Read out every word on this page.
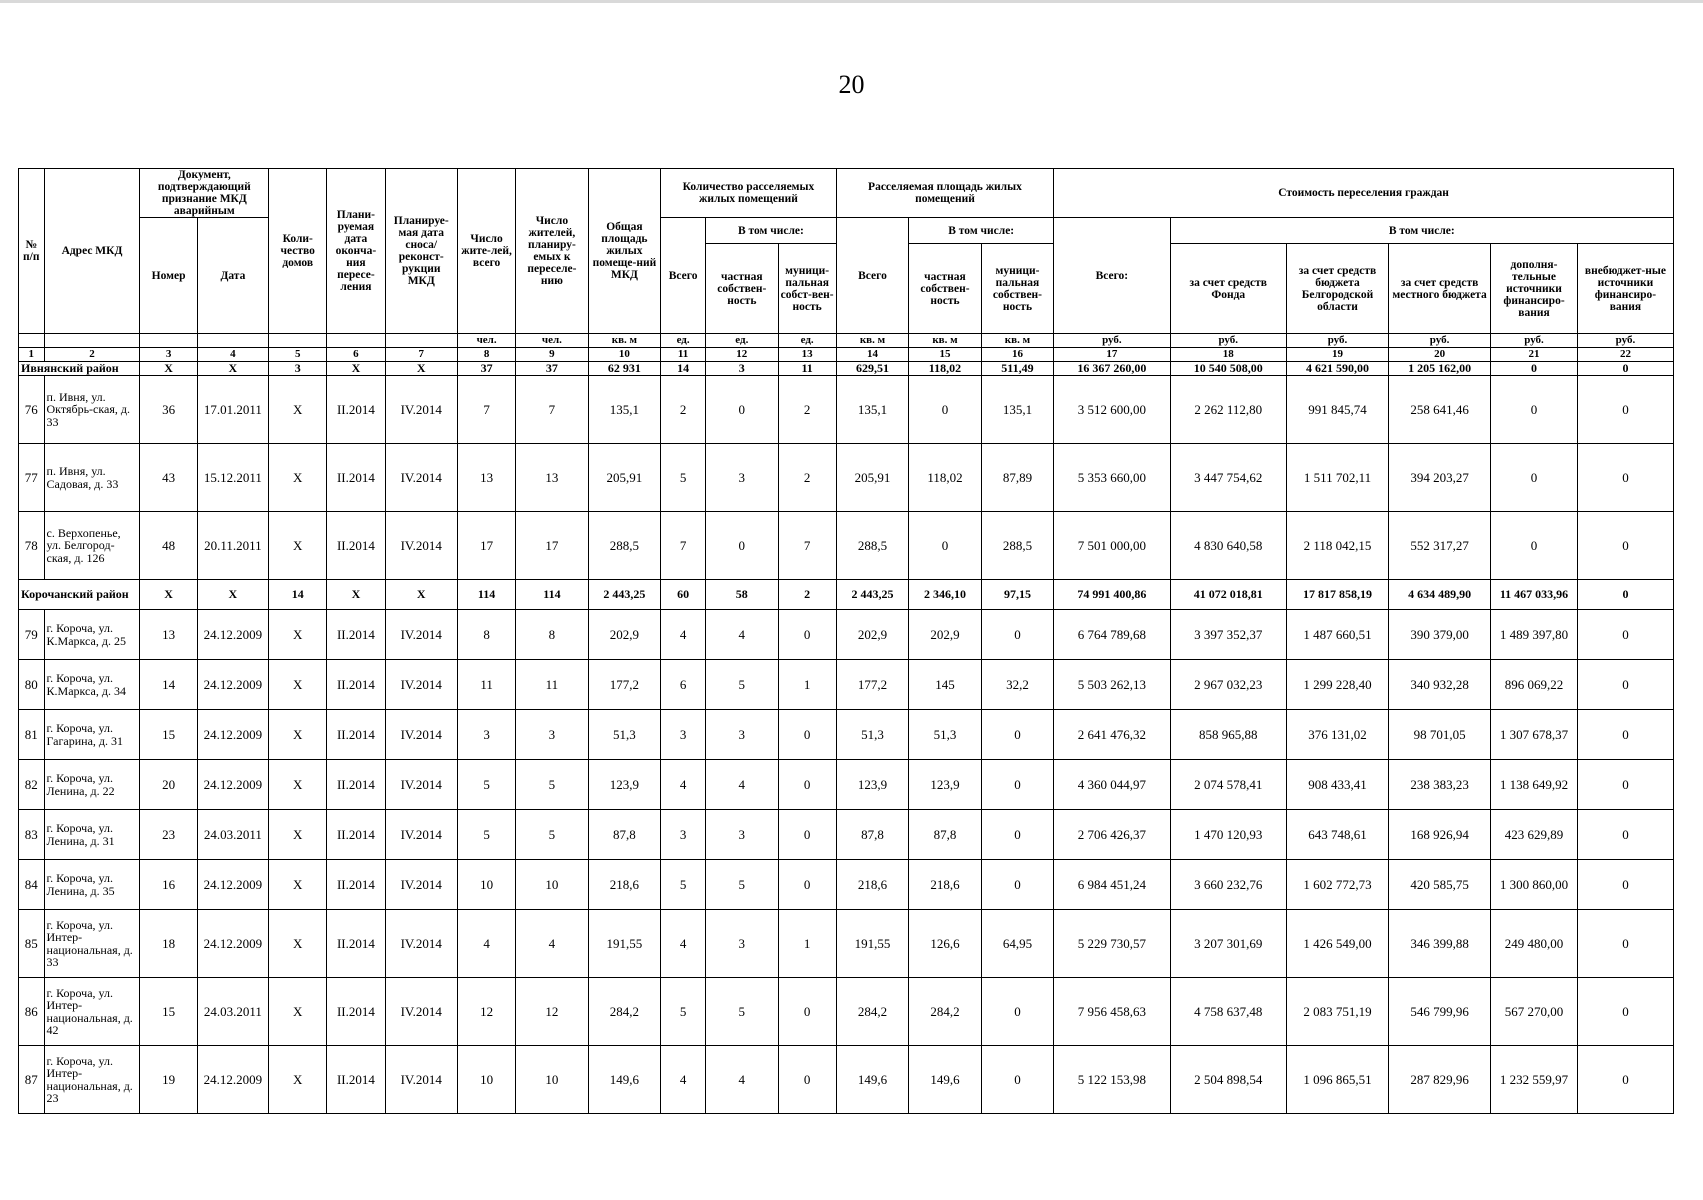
20
№ п/п	Адрес МКД	Документ, подтверждающий признание МКД аварийным		Коли-чество домов	Плани-руемая дата оконча-ния пересе-ления	Планируе-мая дата сноса/ реконст-рукции МКД	Число жите-лей, всего	Число жителей, планиру-емых к переселе-нию	Общая площадь жилых помеще-ний МКД	Количество расселяемых жилых помещений			Расселяемая площадь жилых помещений			Стоимость переселения граждан					
		Номер	Дата							Всего	В том числе:		Всего	В том числе:		Всего:	В том числе:				
											частная собствен-ность	муници-пальная собст-вен-ность		частная собствен-ность	муници-пальная собствен-ность		за счет средств Фонда	за счет средств бюджета Белгородской области	за счет средств местного бюджета	дополня-тельные источники финансиро-вания	внебюджет-ные источники финансиро-вания
							чел.	чел.	кв. м	ед.	ед.	ед.	кв. м	кв. м	кв. м	руб.	руб.	руб.	руб.	руб.	руб.
1	2	3	4	5	6	7	8	9	10	11	12	13	14	15	16	17	18	19	20	21	22
Ивнянский район		X	X	3	X	X	37	37	62 931	14	3	11	629,51	118,02	511,49	16 367 260,00	10 540 508,00	4 621 590,00	1 205 162,00	0	0
76	п. Ивня, ул. Октябрь-ская, д. 33	36	17.01.2011	X	II.2014	IV.2014	7	7	135,1	2	0	2	135,1	0	135,1	3 512 600,00	2 262 112,80	991 845,74	258 641,46	0	0
77	п. Ивня, ул. Садовая, д. 33	43	15.12.2011	X	II.2014	IV.2014	13	13	205,91	5	3	2	205,91	118,02	87,89	5 353 660,00	3 447 754,62	1 511 702,11	394 203,27	0	0
78	с. Верхопенье, ул. Белгород-ская, д. 126	48	20.11.2011	X	II.2014	IV.2014	17	17	288,5	7	0	7	288,5	0	288,5	7 501 000,00	4 830 640,58	2 118 042,15	552 317,27	0	0
Корочанский район		X	X	14	X	X	114	114	2 443,25	60	58	2	2 443,25	2 346,10	97,15	74 991 400,86	41 072 018,81	17 817 858,19	4 634 489,90	11 467 033,96	0
79	г. Короча, ул. К.Маркса, д. 25	13	24.12.2009	X	II.2014	IV.2014	8	8	202,9	4	4	0	202,9	202,9	0	6 764 789,68	3 397 352,37	1 487 660,51	390 379,00	1 489 397,80	0
80	г. Короча, ул. К.Маркса, д. 34	14	24.12.2009	X	II.2014	IV.2014	11	11	177,2	6	5	1	177,2	145	32,2	5 503 262,13	2 967 032,23	1 299 228,40	340 932,28	896 069,22	0
81	г. Короча, ул. Гагарина, д. 31	15	24.12.2009	X	II.2014	IV.2014	3	3	51,3	3	3	0	51,3	51,3	0	2 641 476,32	858 965,88	376 131,02	98 701,05	1 307 678,37	0
82	г. Короча, ул. Ленина, д. 22	20	24.12.2009	X	II.2014	IV.2014	5	5	123,9	4	4	0	123,9	123,9	0	4 360 044,97	2 074 578,41	908 433,41	238 383,23	1 138 649,92	0
83	г. Короча, ул. Ленина, д. 31	23	24.03.2011	X	II.2014	IV.2014	5	5	87,8	3	3	0	87,8	87,8	0	2 706 426,37	1 470 120,93	643 748,61	168 926,94	423 629,89	0
84	г. Короча, ул. Ленина, д. 35	16	24.12.2009	X	II.2014	IV.2014	10	10	218,6	5	5	0	218,6	218,6	0	6 984 451,24	3 660 232,76	1 602 772,73	420 585,75	1 300 860,00	0
85	г. Короча, ул. Интер-национальная, д. 33	18	24.12.2009	X	II.2014	IV.2014	4	4	191,55	4	3	1	191,55	126,6	64,95	5 229 730,57	3 207 301,69	1 426 549,00	346 399,88	249 480,00	0
86	г. Короча, ул. Интер-национальная, д. 42	15	24.03.2011	X	II.2014	IV.2014	12	12	284,2	5	5	0	284,2	284,2	0	7 956 458,63	4 758 637,48	2 083 751,19	546 799,96	567 270,00	0
87	г. Короча, ул. Интер-национальная, д. 23	19	24.12.2009	X	II.2014	IV.2014	10	10	149,6	4	4	0	149,6	149,6	0	5 122 153,98	2 504 898,54	1 096 865,51	287 829,96	1 232 559,97	0
